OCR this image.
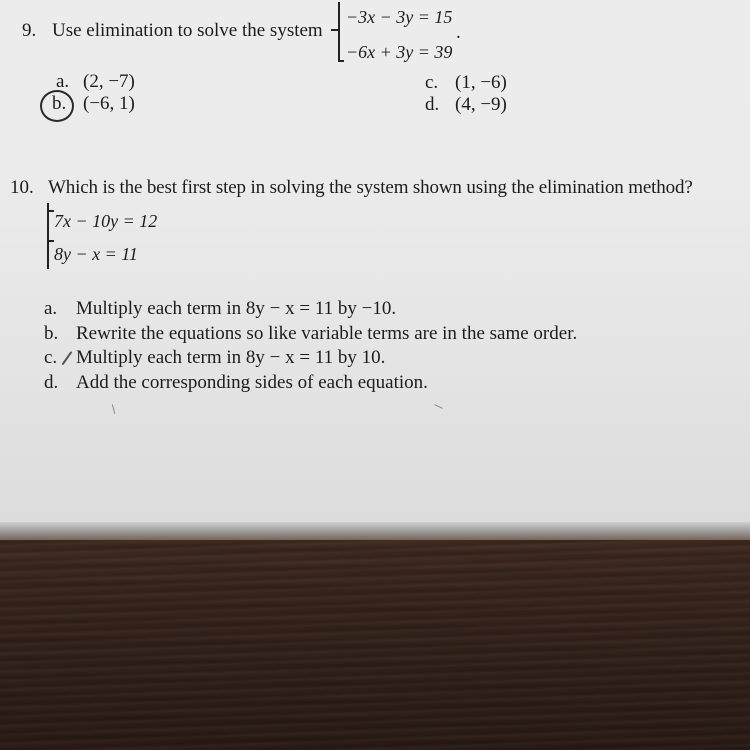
9. Use elimination to solve the system
−3x − 3y = 15
.
−6x + 3y = 39
a. (2, −7)
b. (−6, 1)
c. (1, −6)
d. (4, −9)
10. Which is the best first step in solving the system shown using the elimination method?
7x − 10y = 12
8y − x = 11
a. Multiply each term in 8y − x = 11 by −10.
b. Rewrite the equations so like variable terms are in the same order.
c. Multiply each term in 8y − x = 11 by 10.
d. Add the corresponding sides of each equation.
